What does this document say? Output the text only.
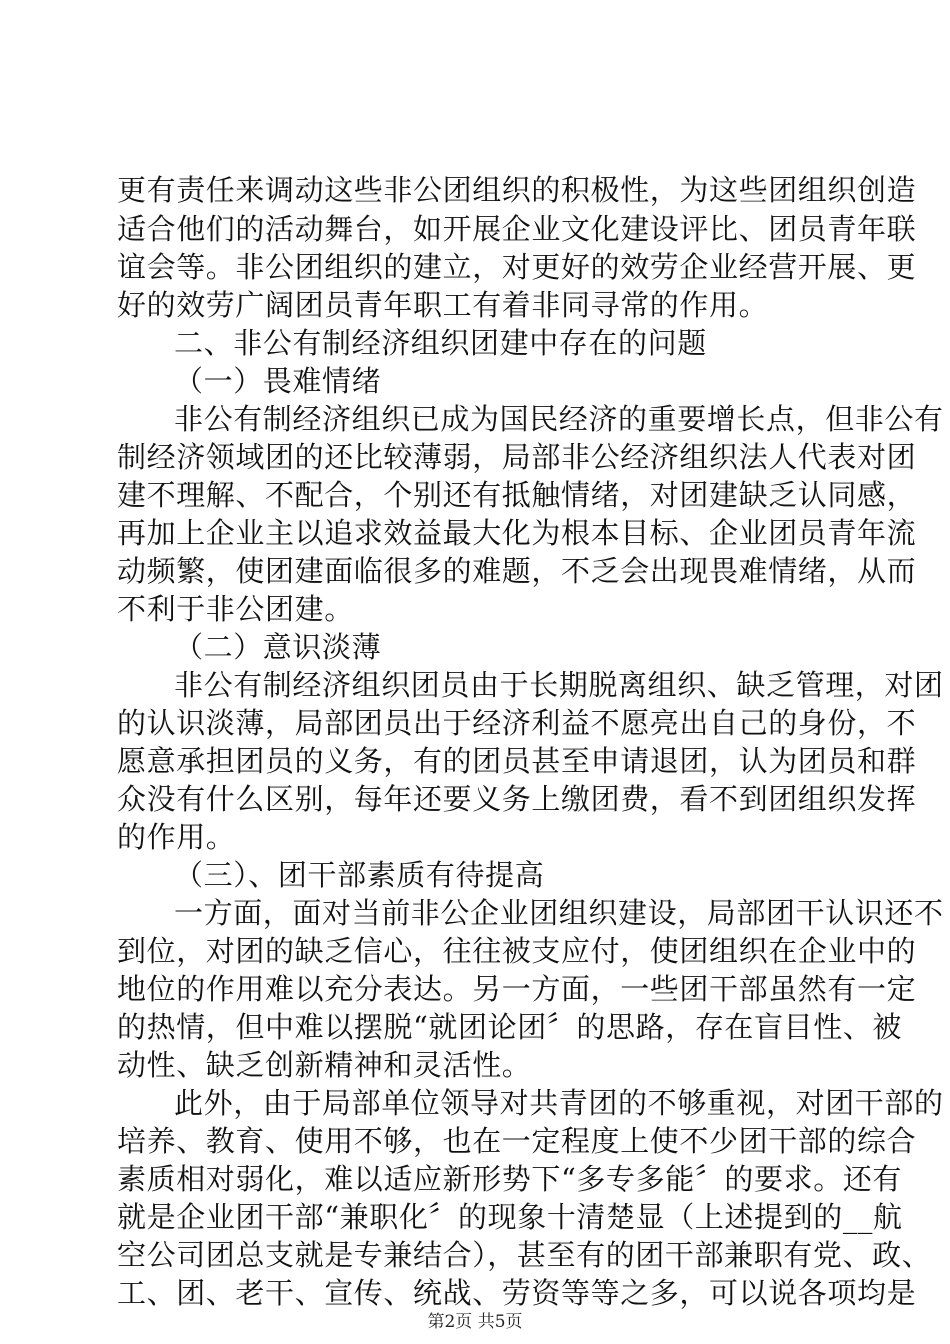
更有责任来调动这些非公团组织的积极性，为这些团组织创造
适合他们的活动舞台，如开展企业文化建设评比、团员青年联
谊会等。非公团组织的建立，对更好的效劳企业经营开展、更
好的效劳广阔团员青年职工有着非同寻常的作用。
二、非公有制经济组织团建中存在的问题
（一）畏难情绪
非公有制经济组织已成为国民经济的重要增长点，但非公有
制经济领域团的还比较薄弱，局部非公经济组织法人代表对团
建不理解、不配合，个别还有抵触情绪，对团建缺乏认同感，
再加上企业主以追求效益最大化为根本目标、企业团员青年流
动频繁，使团建面临很多的难题，不乏会出现畏难情绪，从而
不利于非公团建。
（二）意识淡薄
非公有制经济组织团员由于长期脱离组织、缺乏管理，对团
的认识淡薄，局部团员出于经济利益不愿亮出自己的身份，不
愿意承担团员的义务，有的团员甚至申请退团，认为团员和群
众没有什么区别，每年还要义务上缴团费，看不到团组织发挥
的作用。
（三）、团干部素质有待提高
一方面，面对当前非公企业团组织建设，局部团干认识还不
到位，对团的缺乏信心，往往被支应付，使团组织在企业中的
地位的作用难以充分表达。另一方面，一些团干部虽然有一定
的热情，但中难以摆脱“就团论团〞的思路，存在盲目性、被
动性、缺乏创新精神和灵活性。
此外，由于局部单位领导对共青团的不够重视，对团干部的
培养、教育、使用不够，也在一定程度上使不少团干部的综合
素质相对弱化，难以适应新形势下“多专多能〞的要求。还有
就是企业团干部“兼职化〞的现象十清楚显（上述提到的__航
空公司团总支就是专兼结合），甚至有的团干部兼职有党、政、
工、团、老干、宣传、统战、劳资等等之多，可以说各项均是
第2页 共5页
